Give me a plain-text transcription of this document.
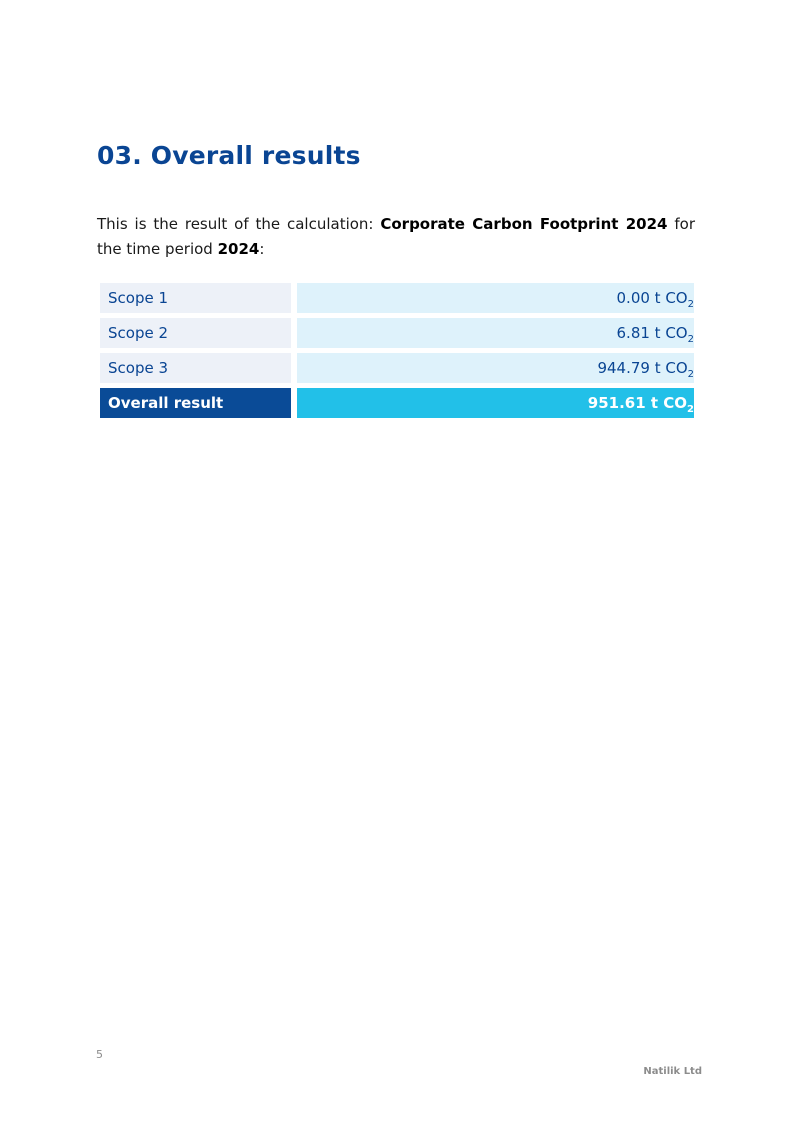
03. Overall results

This is the result of the calculation: Corporate Carbon Footprint 2024 for the time period 2024:

Scope 1	0.00 t $CO_2$
Scope 2	6.81 t $CO_2$
Scope 3	944.79 t $CO_2$
Overall result	951.61 t $CO_2$
5
Natilik Ltd
